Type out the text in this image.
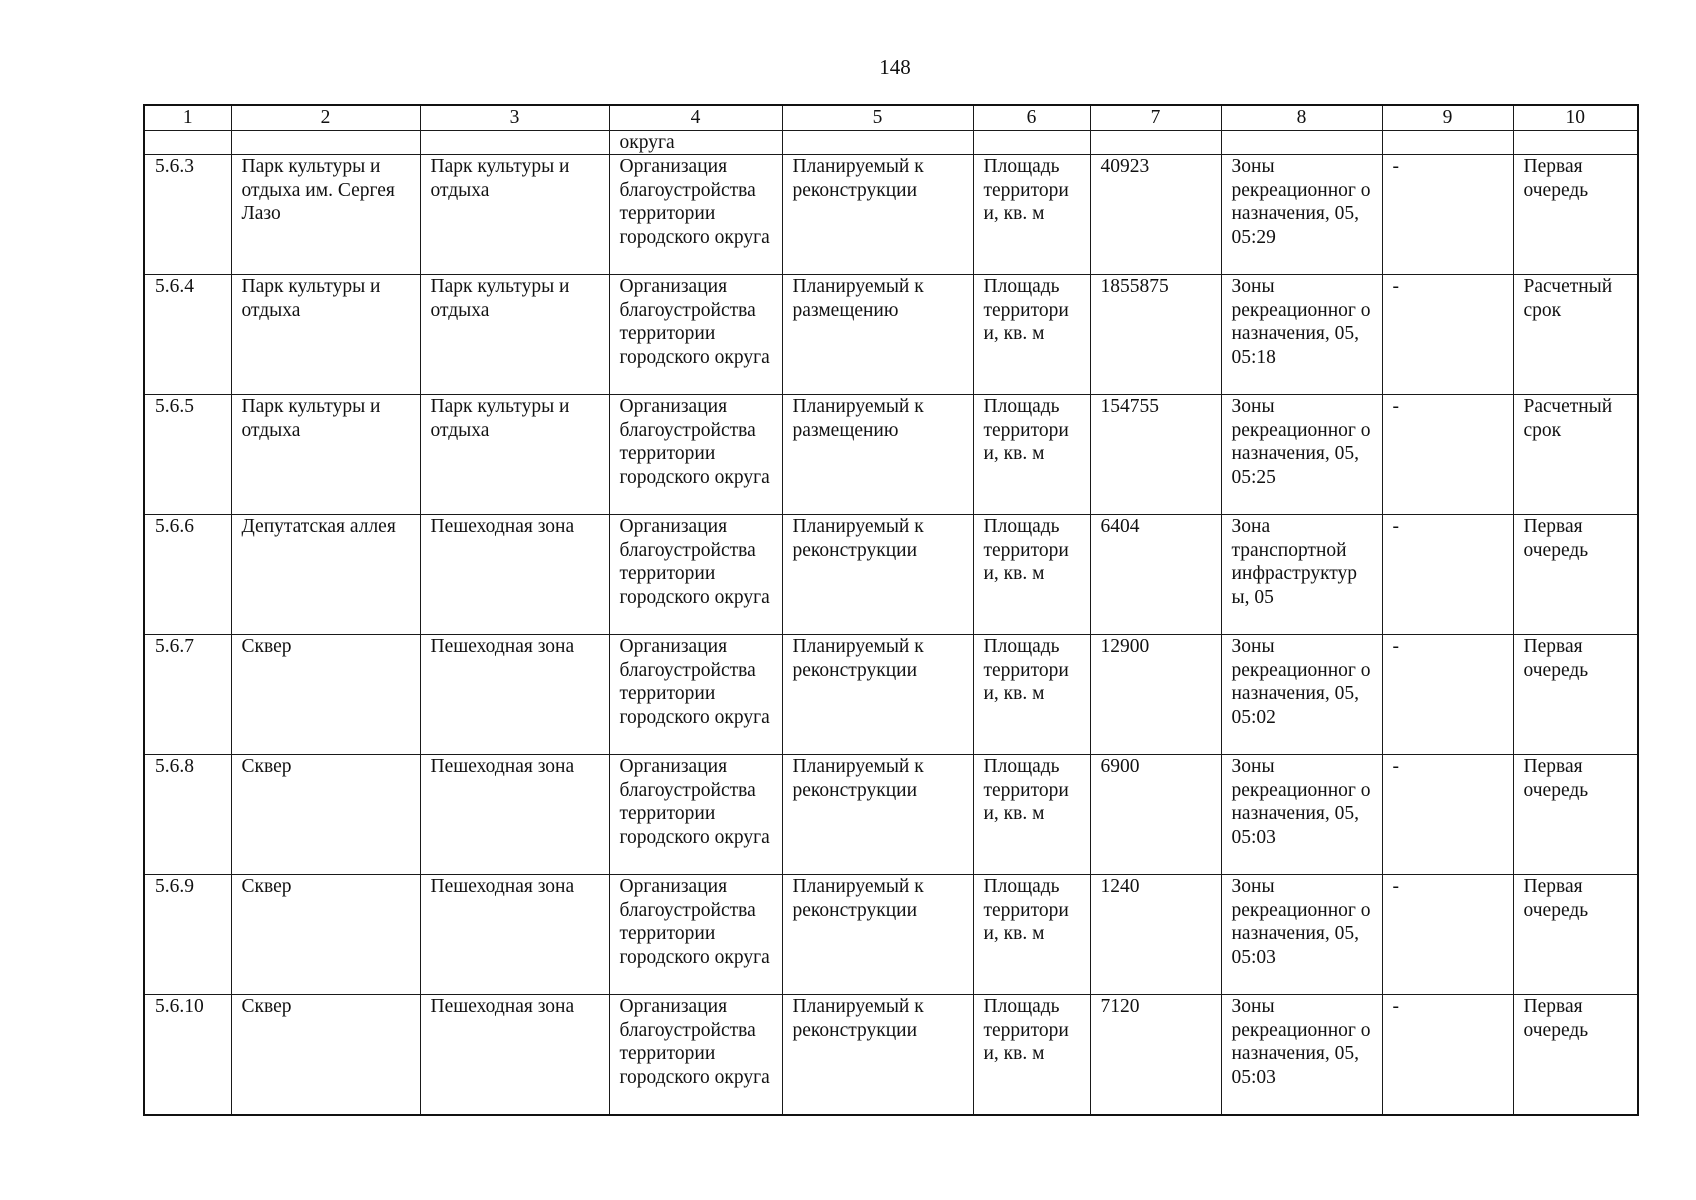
148
1	2	3	4	5	6	7	8	9	10
			округа						
5.6.3	Парк культуры и отдыха им. Сергея Лазо	Парк культуры и отдыха	Организация благоустройства территории городского округа	Планируемый к реконструкции	Площадь территори и, кв. м	40923	Зоны рекреационног о назначения, 05, 05:29	-	Первая очередь
5.6.4	Парк культуры и отдыха	Парк культуры и отдыха	Организация благоустройства территории городского округа	Планируемый к размещению	Площадь территори и, кв. м	1855875	Зоны рекреационног о назначения, 05, 05:18	-	Расчетный срок
5.6.5	Парк культуры и отдыха	Парк культуры и отдыха	Организация благоустройства территории городского округа	Планируемый к размещению	Площадь территори и, кв. м	154755	Зоны рекреационног о назначения, 05, 05:25	-	Расчетный срок
5.6.6	Депутатская аллея	Пешеходная зона	Организация благоустройства территории городского округа	Планируемый к реконструкции	Площадь территори и, кв. м	6404	Зона транспортной инфраструктур ы, 05	-	Первая очередь
5.6.7	Сквер	Пешеходная зона	Организация благоустройства территории городского округа	Планируемый к реконструкции	Площадь территори и, кв. м	12900	Зоны рекреационног о назначения, 05, 05:02	-	Первая очередь
5.6.8	Сквер	Пешеходная зона	Организация благоустройства территории городского округа	Планируемый к реконструкции	Площадь территори и, кв. м	6900	Зоны рекреационног о назначения, 05, 05:03	-	Первая очередь
5.6.9	Сквер	Пешеходная зона	Организация благоустройства территории городского округа	Планируемый к реконструкции	Площадь территори и, кв. м	1240	Зоны рекреационног о назначения, 05, 05:03	-	Первая очередь
5.6.10	Сквер	Пешеходная зона	Организация благоустройства территории городского округа	Планируемый к реконструкции	Площадь территори и, кв. м	7120	Зоны рекреационног о назначения, 05, 05:03	-	Первая очередь
